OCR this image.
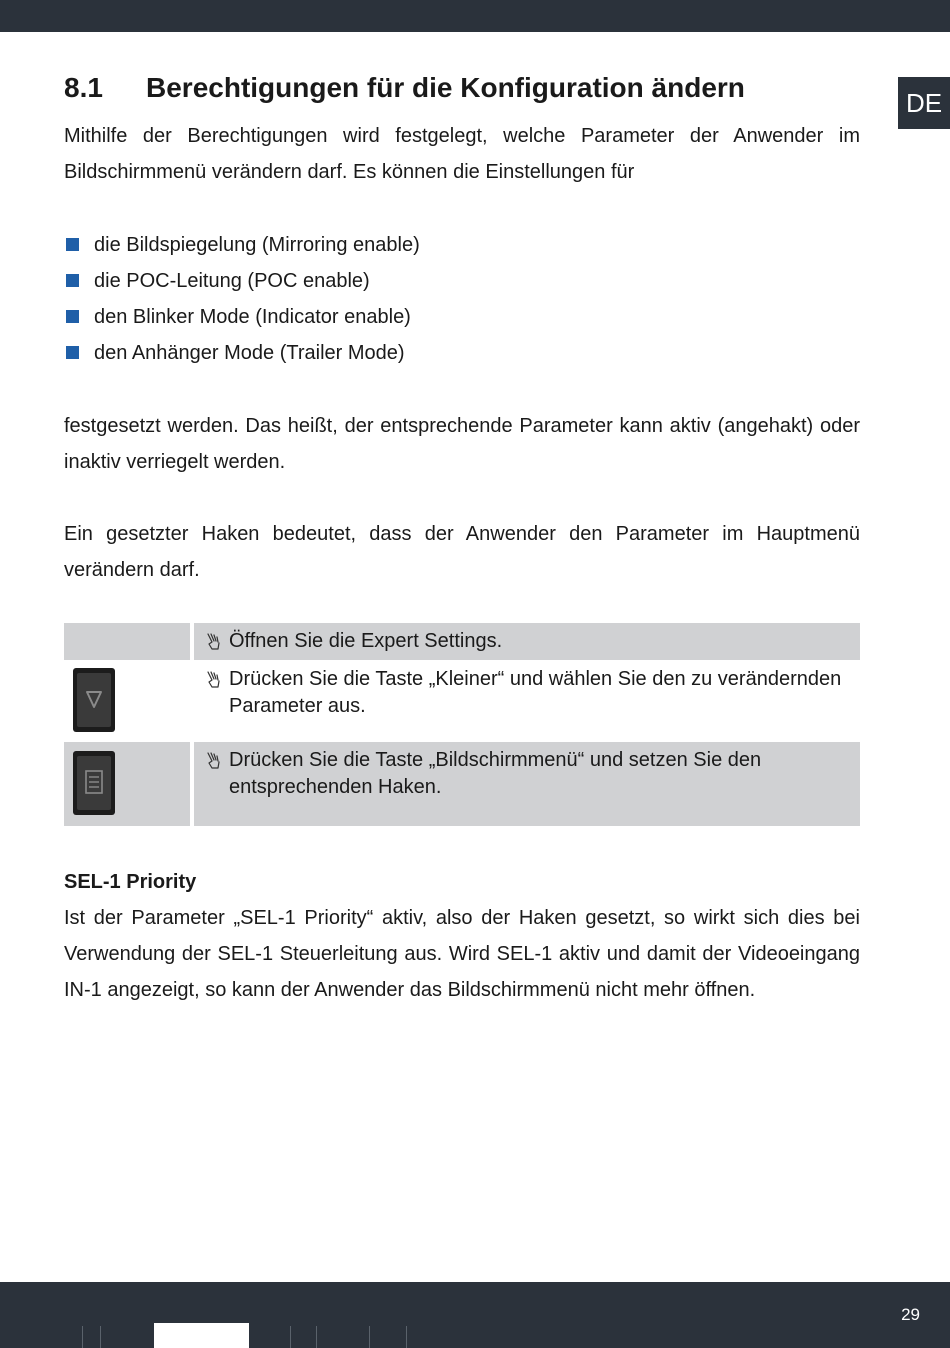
DE
8.1 Berechtigungen für die Konfiguration ändern

Mithilfe der Berechtigungen wird festgelegt, welche Parameter der Anwender im Bildschirmmenü verändern darf. Es können die Einstellungen für

die Bildspiegelung (Mirroring enable)
die POC-Leitung (POC enable)
den Blinker Mode (Indicator enable)
den Anhänger Mode (Trailer Mode)

festgesetzt werden. Das heißt, der entsprechende Parameter kann aktiv (angehakt) oder inaktiv verriegelt werden.

Ein gesetzter Haken bedeutet, dass der Anwender den Parameter im Hauptmenü verändern darf.

Öffnen Sie die Expert Settings.
Drücken Sie die Taste „Kleiner“ und wählen Sie den zu verändernden Parameter aus.
Drücken Sie die Taste „Bildschirmmenü“ und setzen Sie den entsprechenden Haken.
SEL-1 Priority

Ist der Parameter „SEL-1 Priority“ aktiv, also der Haken gesetzt, so wirkt sich dies bei Verwendung der SEL-1 Steuerleitung aus. Wird SEL-1 aktiv und damit der Videoeingang IN-1 angezeigt, so kann der Anwender das Bildschirmmenü nicht mehr öffnen.

29
